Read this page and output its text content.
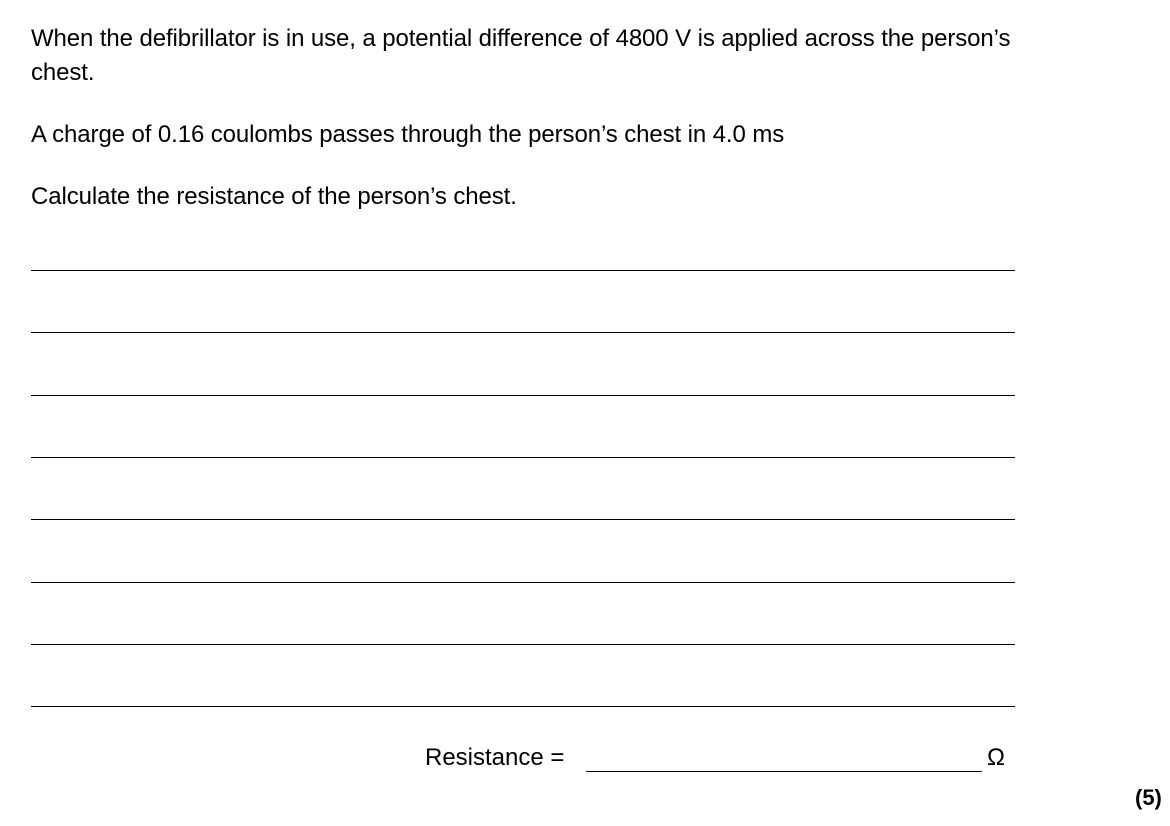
When the defibrillator is in use, a potential difference of 4800 V is applied across the person’s chest.

A charge of 0.16 coulombs passes through the person’s chest in 4.0 ms

Calculate the resistance of the person’s chest.

Resistance =	Ω
(5)
